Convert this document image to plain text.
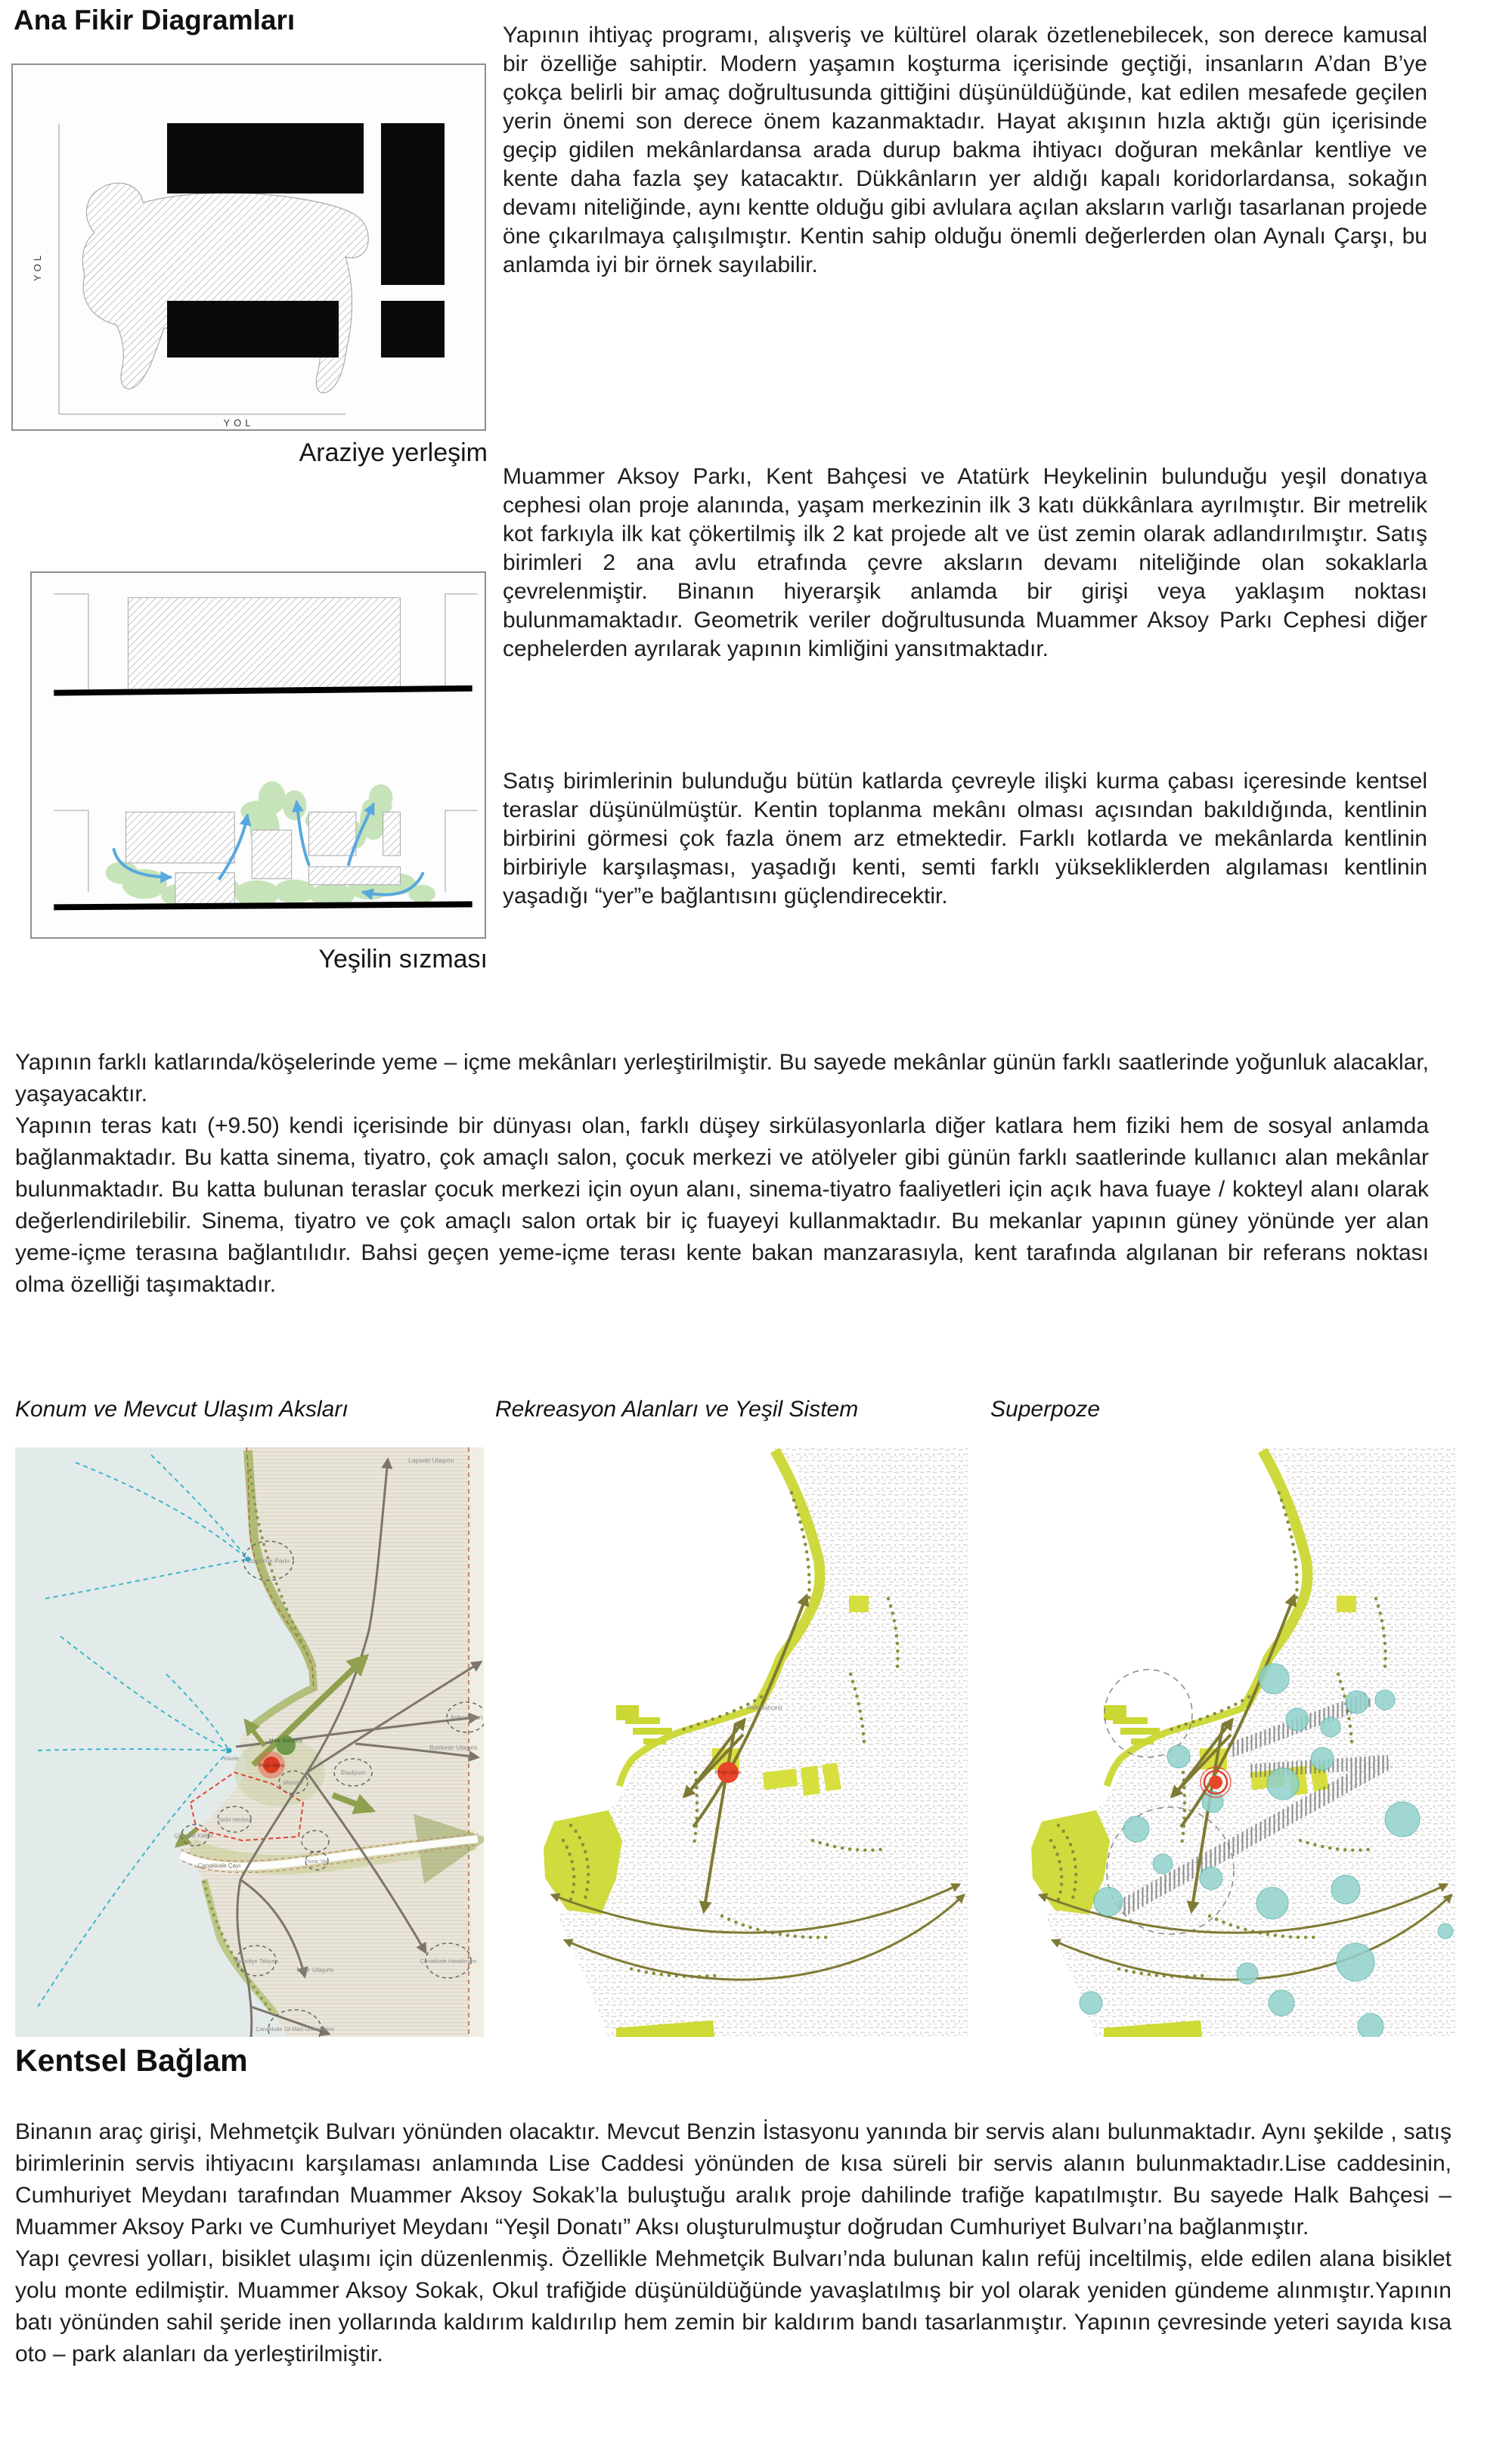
Ana Fikir Diagramları
YOL
YOL
Araziye yerleşim
Yeşilin sızması
Yapının ihtiyaç programı, alışveriş ve kültürel olarak özetlenebilecek, son derece kamusal bir özelliğe sahiptir. Modern yaşamın koşturma içerisinde geçtiği, insanların A’dan B’ye çokça belirli bir amaç doğrultusunda gittiğini düşünüldüğünde, kat edilen mesafede geçilen yerin önemi son derece önem kazanmaktadır. Hayat akışının hızla aktığı gün içerisinde geçip gidilen mekânlardansa arada durup bakma ihtiyacı doğuran mekânlar kentliye ve kente daha fazla şey katacaktır. Dükkânların yer aldığı kapalı koridorlardansa, sokağın devamı niteliğinde, aynı kentte olduğu gibi avlulara açılan aksların varlığı tasarlanan projede öne çıkarılmaya çalışılmıştır. Kentin sahip olduğu önemli değerlerden olan Aynalı Çarşı, bu anlamda iyi bir örnek sayılabilir.
Muammer Aksoy Parkı, Kent Bahçesi ve Atatürk Heykelinin bulunduğu yeşil donatıya cephesi olan proje alanında, yaşam merkezinin ilk 3 katı dükkânlara ayrılmıştır. Bir metrelik kot farkıyla ilk kat çökertilmiş ilk 2 kat projede alt ve üst zemin olarak adlandırılmıştır. Satış birimleri 2 ana avlu etrafında çevre aksların devamı niteliğinde olan sokaklarla çevrelenmiştir. Binanın hiyerarşik anlamda bir girişi veya yaklaşım noktası bulunmamaktadır. Geometrik veriler doğrultusunda Muammer Aksoy Parkı Cephesi diğer cephelerden ayrılarak yapının kimliğini yansıtmaktadır.
Satış birimlerinin bulunduğu bütün katlarda çevreyle ilişki kurma çabası içeresinde kentsel teraslar düşünülmüştür. Kentin toplanma mekânı olması açısından bakıldığında, kentlinin birbirini görmesi çok fazla önem arz etmektedir. Farklı kotlarda ve mekânlarda kentlinin birbiriyle karşılaşması, yaşadığı kenti, semti farklı yüksekliklerden algılaması kentlinin yaşadığı “yer”e bağlantısını güçlendirecektir.

Yapının farklı katlarında/köşelerinde yeme – içme mekânları yerleştirilmiştir. Bu sayede mekânlar günün farklı saatlerinde yoğunluk alacaklar, yaşayacaktır.

Yapının teras katı (+9.50) kendi içerisinde bir dünyası olan, farklı düşey sirkülasyonlarla diğer katlara hem fiziki hem de sosyal anlamda bağlanmaktadır. Bu katta sinema, tiyatro, çok amaçlı salon, çocuk merkezi ve atölyeler gibi günün farklı saatlerinde kullanıcı alan mekânlar bulunmaktadır. Bu katta bulunan teraslar çocuk merkezi için oyun alanı, sinema-tiyatro faaliyetleri için açık hava fuaye / kokteyl alanı olarak değerlendirilebilir. Sinema, tiyatro ve çok amaçlı salon ortak bir iç fuayeyi kullanmaktadır. Bu mekanlar yapının güney yönünde yer alan yeme-içme terasına bağlantılıdır. Bahsi geçen yeme-içme terası kente bakan manzarasıyla, kent tarafında algılanan bir referans noktası olma özelliği taşımaktadır.

Konum ve Mevcut Ulaşım Aksları	Rekreasyon Alanları ve Yeşil Sistem	Superpoze
Lapseki Ulaşımı
Özgürlük Parkı
Askeri Alan
Balıkesir Ulaşımı
Stadyum
Halk Bahçesi
Proje Alanı
İskele
Müzeler
Tarihi Merkez
Pazar Yeri
Çimenlik Kalesi
Çanakkale Çayı
Hamidiye Tabyası
İzmir Ulaşımı
Çanakkale Havalimanı
Çanakkale 18 Mart Üniversitesi
Halk Bahçesi
Proje Alanı
Kentsel Bağlam

Binanın araç girişi, Mehmetçik Bulvarı yönünden olacaktır. Mevcut Benzin İstasyonu yanında bir servis alanı bulunmaktadır. Aynı şekilde , satış birimlerinin servis ihtiyacını karşılaması anlamında Lise Caddesi yönünden de kısa süreli bir servis alanın bulunmaktadır.Lise caddesinin, Cumhuriyet Meydanı tarafından Muammer Aksoy Sokak’la buluştuğu aralık proje dahilinde trafiğe kapatılmıştır. Bu sayede Halk Bahçesi – Muammer Aksoy Parkı ve Cumhuriyet Meydanı “Yeşil Donatı” Aksı oluşturulmuştur doğrudan Cumhuriyet Bulvarı’na bağlanmıştır.

Yapı çevresi yolları, bisiklet ulaşımı için düzenlenmiş. Özellikle Mehmetçik Bulvarı’nda bulunan kalın refüj inceltilmiş, elde edilen alana bisiklet yolu monte edilmiştir. Muammer Aksoy Sokak, Okul trafiğide düşünüldüğünde yavaşlatılmış bir yol olarak yeniden gündeme alınmıştır.Yapının batı yönünden sahil şeride inen yollarında kaldırım kaldırılıp hem zemin bir kaldırım bandı tasarlanmıştır. Yapının çevresinde yeteri sayıda kısa oto – park alanları da yerleştirilmiştir.
